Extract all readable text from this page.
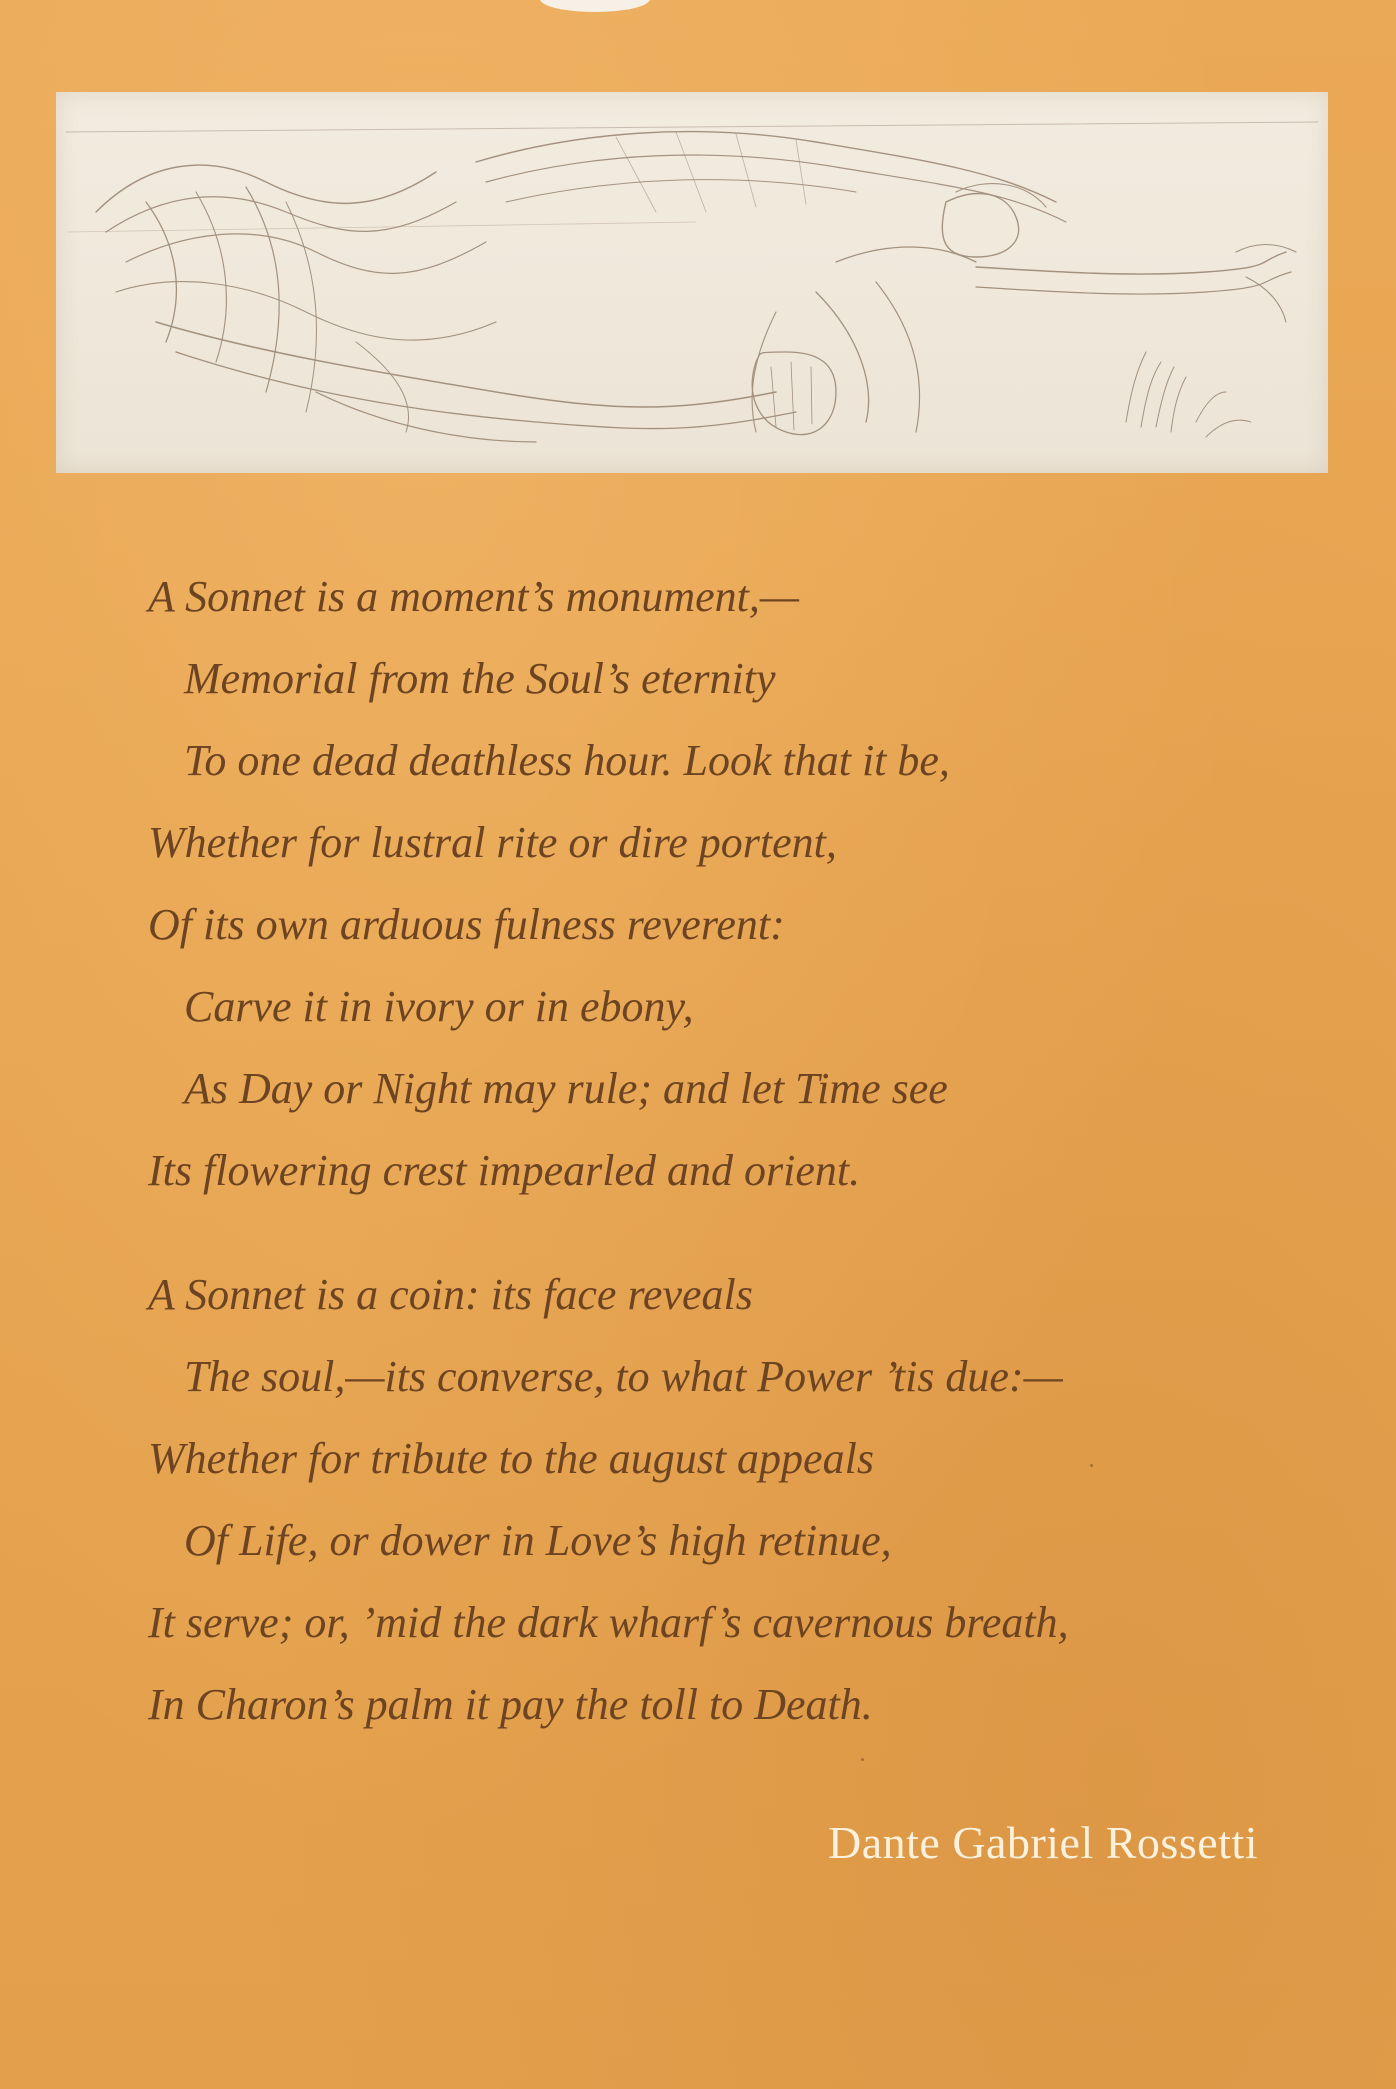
A Sonnet is a moment’s monument,—
Memorial from the Soul’s eternity
To one dead deathless hour. Look that it be,
Whether for lustral rite or dire portent,
Of its own arduous fulness reverent:
Carve it in ivory or in ebony,
As Day or Night may rule; and let Time see
Its flowering crest impearled and orient.
A Sonnet is a coin: its face reveals
The soul,—its converse, to what Power ’tis due:—
Whether for tribute to the august appeals
Of Life, or dower in Love’s high retinue,
It serve; or, ’mid the dark wharf’s cavernous breath,
In Charon’s palm it pay the toll to Death.
Dante Gabriel Rossetti
